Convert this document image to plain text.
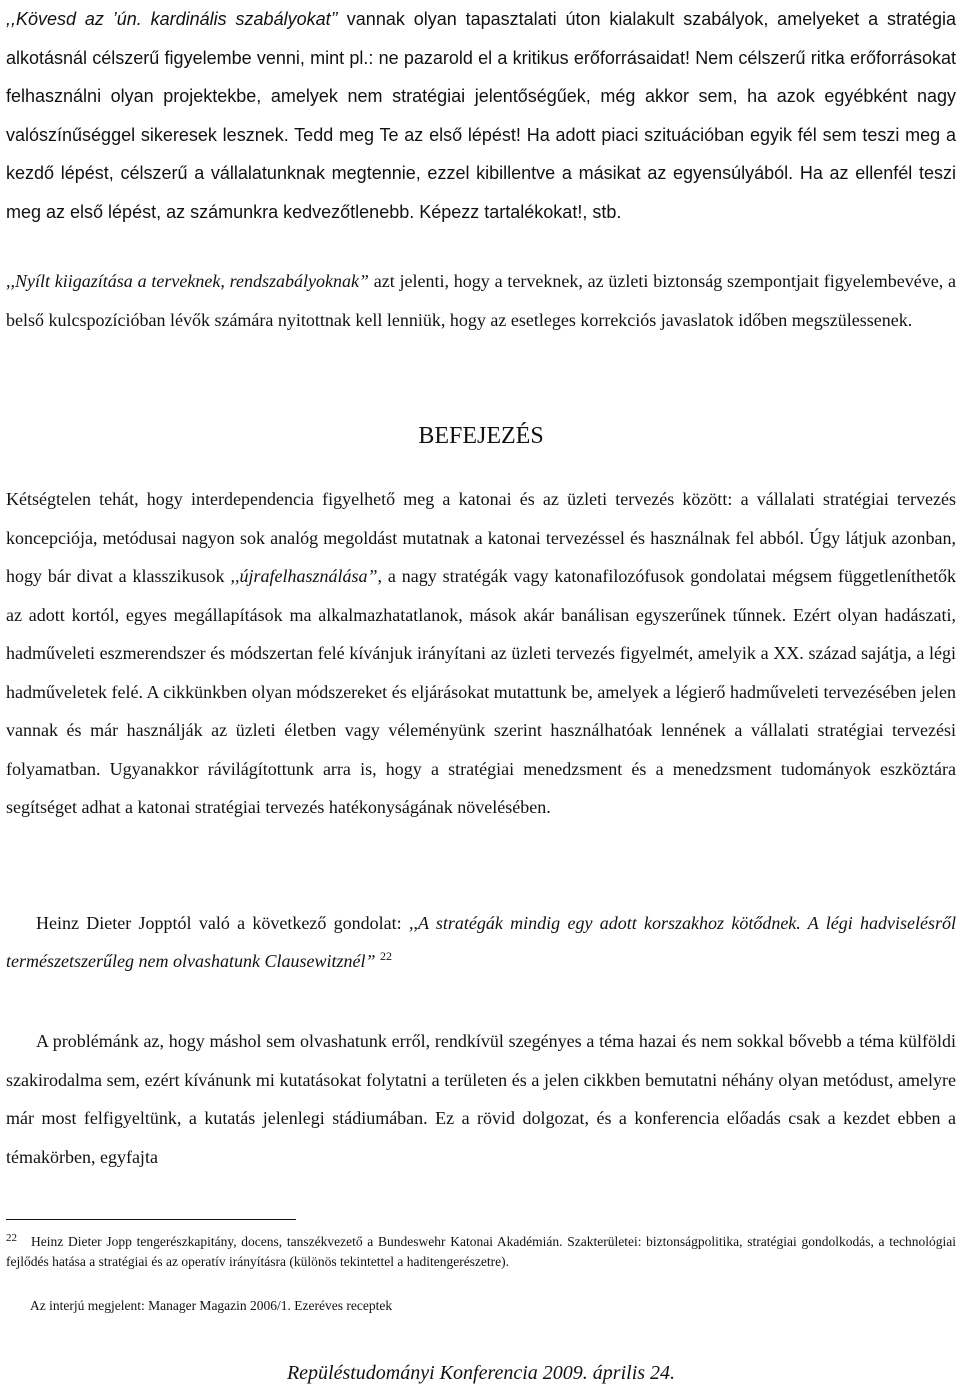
,,Kövesd az ’ún. kardinális szabályokat’’ vannak olyan tapasztalati úton kialakult szabályok, amelyeket a stratégia alkotásnál célszerű figyelembe venni, mint pl.: ne pazarold el a kritikus erőforrásaidat! Nem célszerű ritka erőforrásokat felhasználni olyan projektekbe, amelyek nem stratégiai jelentőségűek, még akkor sem, ha azok egyébként nagy valószínűséggel sikeresek lesznek. Tedd meg Te az első lépést! Ha adott piaci szituációban egyik fél sem teszi meg a kezdő lépést, célszerű a vállalatunknak megtennie, ezzel kibillentve a másikat az egyensúlyából. Ha az ellenfél teszi meg az első lépést, az számunkra kedvezőtlenebb. Képezz tartalékokat!, stb.

,,Nyílt kiigazítása a terveknek, rendszabályoknak” azt jelenti, hogy a terveknek, az üzleti biztonság szempontjait figyelembevéve, a belső kulcspozícióban lévők számára nyitottnak kell lenniük, hogy az esetleges korrekciós javaslatok időben megszülessenek.

BEFEJEZÉS

Kétségtelen tehát, hogy interdependencia figyelhető meg a katonai és az üzleti tervezés között: a vállalati stratégiai tervezés koncepciója, metódusai nagyon sok analóg megoldást mutatnak a katonai tervezéssel és használnak fel abból. Úgy látjuk azonban, hogy bár divat a klasszikusok ,,újrafelhasználása”, a nagy stratégák vagy katonafilozófusok gondolatai mégsem függetleníthetők az adott kortól, egyes megállapítások ma alkalmazhatatlanok, mások akár banálisan egyszerűnek tűnnek. Ezért olyan hadászati, hadműveleti eszmerendszer és módszertan felé kívánjuk irányítani az üzleti tervezés figyelmét, amelyik a XX. század sajátja, a légi hadműveletek felé. A cikkünkben olyan módszereket és eljárásokat mutattunk be, amelyek a légierő hadműveleti tervezésében jelen vannak és már használják az üzleti életben vagy véleményünk szerint használhatóak lennének a vállalati stratégiai tervezési folyamatban. Ugyanakkor rávilágítottunk arra is, hogy a stratégiai menedzsment és a menedzsment tudományok eszköztára segítséget adhat a katonai stratégiai tervezés hatékonyságának növelésében.

Heinz Dieter Jopptól való a következő gondolat: ,,A stratégák mindig egy adott korszakhoz kötődnek. A légi hadviselésről természetszerűleg nem olvashatunk Clausewitznél” $^{22}$

A problémánk az, hogy máshol sem olvashatunk erről, rendkívül szegényes a téma hazai és nem sokkal bővebb a téma külföldi szakirodalma sem, ezért kívánunk mi kutatásokat folytatni a területen és a jelen cikkben bemutatni néhány olyan metódust, amelyre már most felfigyeltünk, a kutatás jelenlegi stádiumában. Ez a rövid dolgozat, és a konferencia előadás csak a kezdet ebben a témakörben, egyfajta

$^{22}$ Heinz Dieter Jopp tengerészkapitány, docens, tanszékvezető a Bundeswehr Katonai Akadémián. Szakterületei: biztonságpolitika, stratégiai gondolkodás, a technológiai fejlődés hatása a stratégiai és az operatív irányításra (különös tekintettel a haditengerészetre).

Az interjú megjelent: Manager Magazin 2006/1. Ezeréves receptek

Repüléstudományi Konferencia 2009. április 24.
